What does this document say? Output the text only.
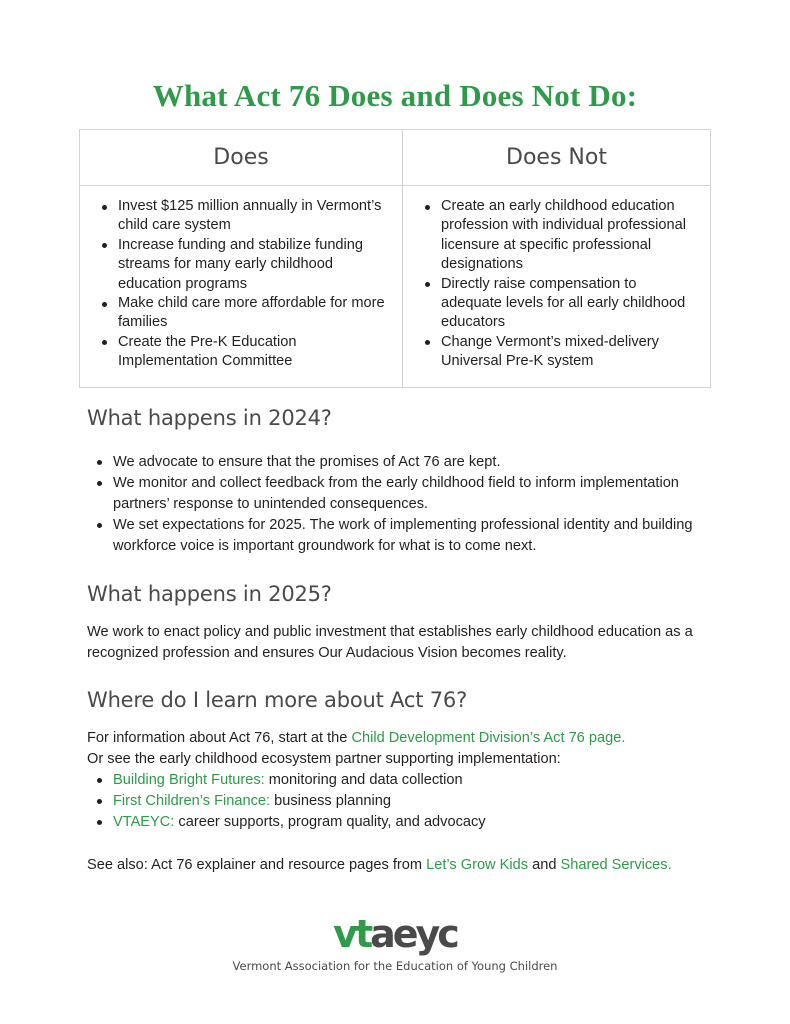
What Act 76 Does and Does Not Do:
Does	Does Not
Invest $125 million annually in Vermont’s child care system
Increase funding and stabilize funding streams for many early childhood education programs
Make child care more affordable for more families
Create the Pre-K Education Implementation Committee
Create an early childhood education profession with individual professional licensure at specific professional designations
Directly raise compensation to adequate levels for all early childhood educators
Change Vermont’s mixed-delivery Universal Pre-K system
What happens in 2024?
We advocate to ensure that the promises of Act 76 are kept.
We monitor and collect feedback from the early childhood field to inform implementation partners’ response to unintended consequences.
We set expectations for 2025. The work of implementing professional identity and building workforce voice is important groundwork for what is to come next.
What happens in 2025?

We work to enact policy and public investment that establishes early childhood education as a recognized profession and ensures Our Audacious Vision becomes reality.

Where do I learn more about Act 76?

For information about Act 76, start at the Child Development Division’s Act 76 page.

Or see the early childhood ecosystem partner supporting implementation:

Building Bright Futures: monitoring and data collection
First Children’s Finance: business planning
VTAEYC: career supports, program quality, and advocacy

See also: Act 76 explainer and resource pages from Let’s Grow Kids and Shared Services.

vtaeyc
Vermont Association for the Education of Young Children
